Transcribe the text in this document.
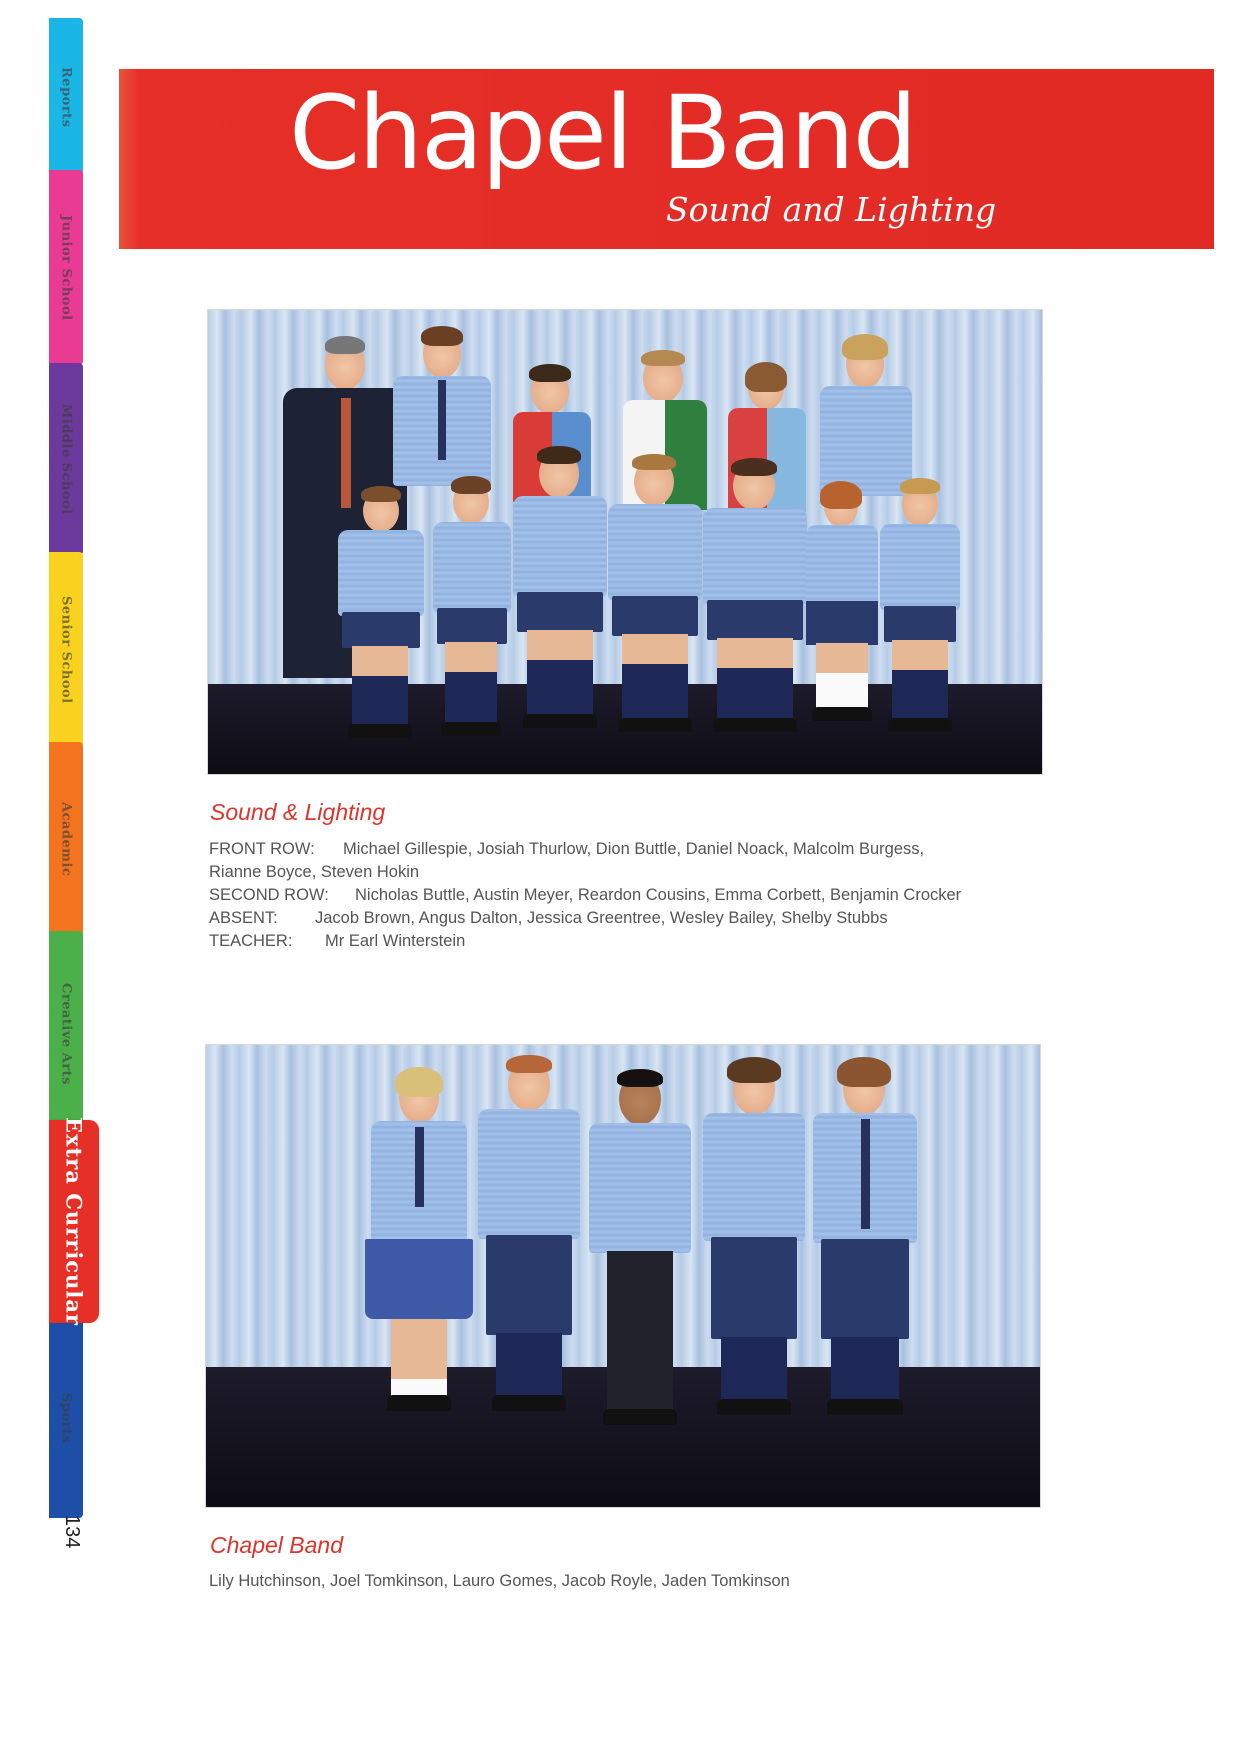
Reports
Junior School
Middle School
Senior School
Academic
Creative Arts
Extra Curricular
Sports
134
Chapel Band
Sound and Lighting
Sound & Lighting
FRONT ROW: Michael Gillespie, Josiah Thurlow, Dion Buttle, Daniel Noack, Malcolm Burgess,
Rianne Boyce, Steven Hokin
SECOND ROW: Nicholas Buttle, Austin Meyer, Reardon Cousins, Emma Corbett, Benjamin Crocker
ABSENT: Jacob Brown, Angus Dalton, Jessica Greentree, Wesley Bailey, Shelby Stubbs
TEACHER: Mr Earl Winterstein
Chapel Band
Lily Hutchinson, Joel Tomkinson, Lauro Gomes, Jacob Royle, Jaden Tomkinson
